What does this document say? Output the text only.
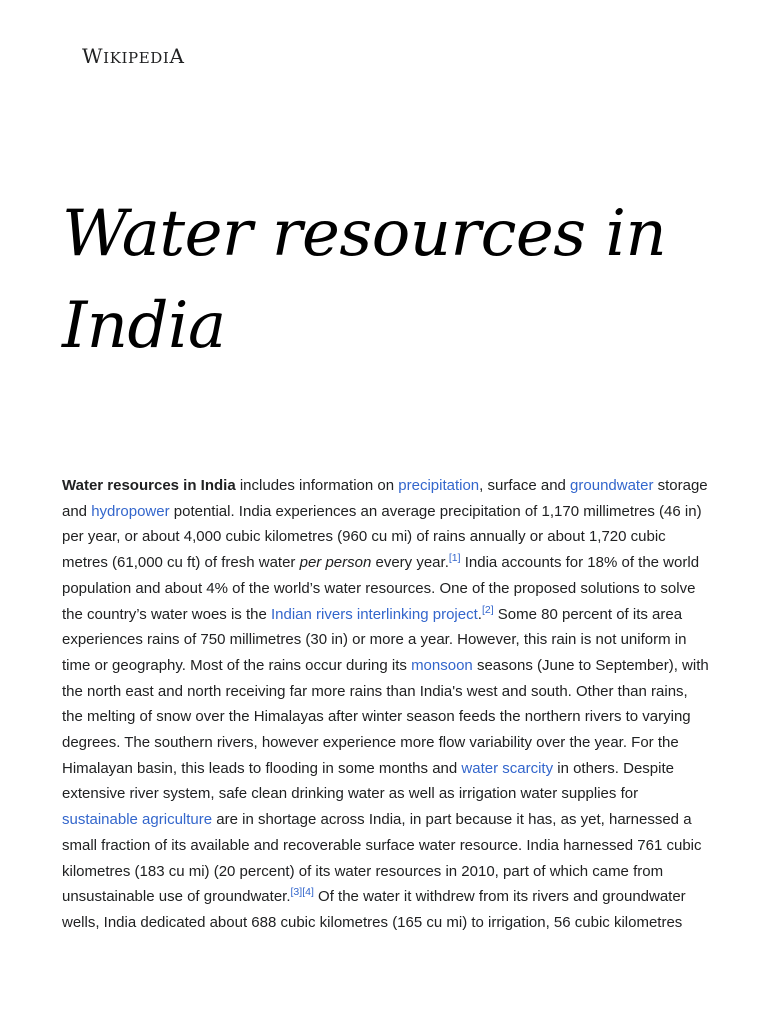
WIKIPEDIA
Water resources in India

Water resources in India includes information on precipitation, surface and groundwater storage and hydropower potential. India experiences an average precipitation of 1,170 millimetres (46 in) per year, or about 4,000 cubic kilometres (960 cu mi) of rains annually or about 1,720 cubic metres (61,000 cu ft) of fresh water per person every year.[1] India accounts for 18% of the world population and about 4% of the world’s water resources. One of the proposed solutions to solve the country’s water woes is the Indian rivers interlinking project.[2] Some 80 percent of its area experiences rains of 750 millimetres (30 in) or more a year. However, this rain is not uniform in time or geography. Most of the rains occur during its monsoon seasons (June to September), with the north east and north receiving far more rains than India's west and south. Other than rains, the melting of snow over the Himalayas after winter season feeds the northern rivers to varying degrees. The southern rivers, however experience more flow variability over the year. For the Himalayan basin, this leads to flooding in some months and water scarcity in others. Despite extensive river system, safe clean drinking water as well as irrigation water supplies for sustainable agriculture are in shortage across India, in part because it has, as yet, harnessed a small fraction of its available and recoverable surface water resource. India harnessed 761 cubic kilometres (183 cu mi) (20 percent) of its water resources in 2010, part of which came from unsustainable use of groundwater.[3][4] Of the water it withdrew from its rivers and groundwater wells, India dedicated about 688 cubic kilometres (165 cu mi) to irrigation, 56 cubic kilometres
